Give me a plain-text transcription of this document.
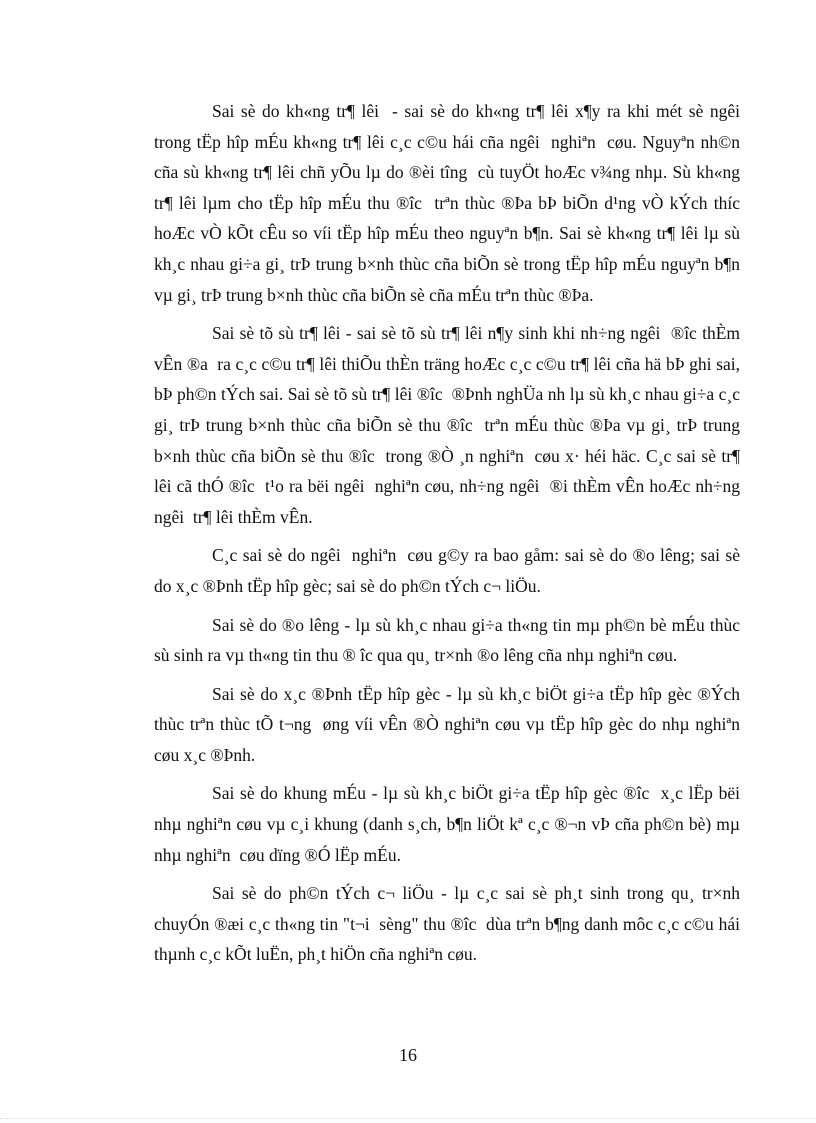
Sai sè do kh«ng tr¶ lêi  - sai sè do kh«ng tr¶ lêi x¶y ra khi mét sè ngêi  trong tËp hîp mÉu kh«ng tr¶ lêi c¸c c©u hái cña ngêi  nghiªn  cøu. Nguyªn nh©n cña sù kh«ng tr¶ lêi chñ yÕu lµ do ®èi tîng  cù tuyÖt hoÆc v¾ng nhµ. Sù kh«ng tr¶ lêi lµm cho tËp hîp mÉu thu ®îc  trªn thùc ®Þa bÞ biÕn d¹ng vÒ kÝch thíc  hoÆc vÒ kÕt cÊu so víi tËp hîp mÉu theo nguyªn b¶n. Sai sè kh«ng tr¶ lêi lµ sù kh¸c nhau gi÷a gi¸ trÞ trung b×nh thùc cña biÕn sè trong tËp hîp mÉu nguyªn b¶n vµ gi¸ trÞ trung b×nh thùc cña biÕn sè cña mÉu trªn thùc ®Þa.

Sai sè tõ sù tr¶ lêi - sai sè tõ sù tr¶ lêi n¶y sinh khi nh÷ng ngêi  ®îc thÈm vÊn ®a  ra c¸c c©u tr¶ lêi thiÕu thÈn träng hoÆc c¸c c©u tr¶ lêi cña hä bÞ ghi sai, bÞ ph©n tÝch sai. Sai sè tõ sù tr¶ lêi ®îc  ®Þnh nghÜa nh lµ sù kh¸c nhau gi÷a c¸c gi¸ trÞ trung b×nh thùc cña biÕn sè thu ®îc  trªn mÉu thùc ®Þa vµ gi¸ trÞ trung b×nh thùc cña biÕn sè thu ®îc  trong ®Ò ¸n nghiªn  cøu x· héi häc. C¸c sai sè tr¶ lêi cã thÓ ®îc  t¹o ra bëi ngêi  nghiªn cøu, nh÷ng ngêi  ®i thÈm vÊn hoÆc nh÷ng ngêi  tr¶ lêi thÈm vÊn.

C¸c sai sè do ngêi  nghiªn  cøu g©y ra bao gåm: sai sè do ®o lêng; sai sè do x¸c ®Þnh tËp hîp gèc; sai sè do ph©n tÝch c¬ liÖu.

Sai sè do ®o lêng - lµ sù kh¸c nhau gi÷a th«ng tin mµ ph©n bè mÉu thùc sù sinh ra vµ th«ng tin thu ® îc qua qu¸ tr×nh ®o lêng cña nhµ nghiªn cøu.

Sai sè do x¸c ®Þnh tËp hîp gèc - lµ sù kh¸c biÖt gi÷a tËp hîp gèc ®Ých thùc trªn thùc tÕ t¬ng  øng víi vÊn ®Ò nghiªn cøu vµ tËp hîp gèc do nhµ nghiªn  cøu x¸c ®Þnh.

Sai sè do khung mÉu - lµ sù kh¸c biÖt gi÷a tËp hîp gèc ®îc  x¸c lËp bëi nhµ nghiªn cøu vµ c¸i khung (danh s¸ch, b¶n liÖt kª c¸c ®¬n vÞ cña ph©n bè) mµ nhµ nghiªn  cøu dïng ®Ó lËp mÉu.

Sai sè do ph©n tÝch c¬ liÖu - lµ c¸c sai sè ph¸t sinh trong qu¸ tr×nh chuyÓn ®æi c¸c th«ng tin "t¬i  sèng" thu ®îc  dùa trªn b¶ng danh môc c¸c c©u hái thµnh c¸c kÕt luËn, ph¸t hiÖn cña nghiªn cøu.

16
